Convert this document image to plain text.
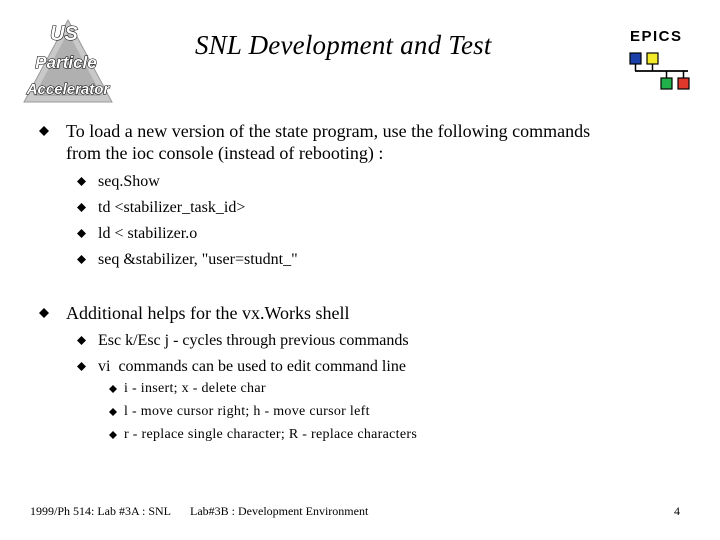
US
Particle
Accelerator
SNL Development and Test	EPICS
To load a new version of the state program, use the following commands
from the ioc console (instead of rebooting) :
seq.Show
td <stabilizer_task_id>
ld < stabilizer.o
seq &stabilizer, "user=studnt_"
Additional helps for the vx.Works shell
Esc k/Esc j - cycles through previous commands
vi  commands can be used to edit command line
i - insert; x - delete char
l - move cursor right; h - move cursor left
r - replace single character; R - replace characters
1999/Ph 514: Lab #3A : SNL Lab#3B : Development Environment	4
